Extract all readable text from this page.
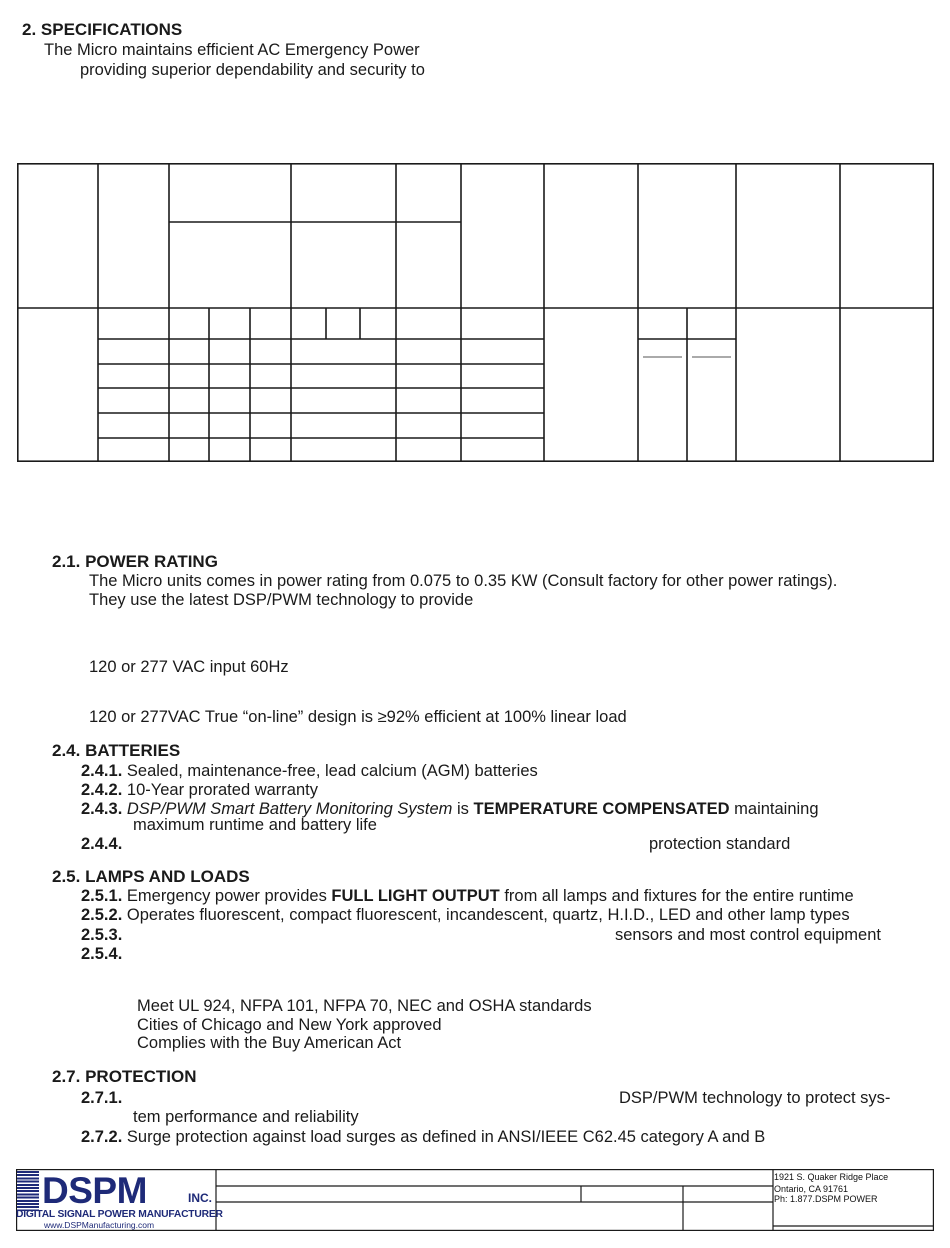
2. SPECIFICATIONS
The Micro maintains efficient AC Emergency Power
providing superior dependability and security to
2.1. POWER RATING
The Micro units comes in power rating from 0.075 to 0.35 KW (Consult factory for other power ratings).
They use the latest DSP/PWM technology to provide
120 or 277 VAC input 60Hz
120 or 277VAC True “on-line” design is ≥92% efficient at 100% linear load
2.4. BATTERIES
2.4.1. Sealed, maintenance-free, lead calcium (AGM) batteries
2.4.2. 10-Year prorated warranty
2.4.3. DSP/PWM Smart Battery Monitoring System is TEMPERATURE COMPENSATED maintaining
maximum runtime and battery life
2.4.4.	protection standard
2.5. LAMPS AND LOADS
2.5.1. Emergency power provides FULL LIGHT OUTPUT from all lamps and fixtures for the entire runtime
2.5.2. Operates fluorescent, compact fluorescent, incandescent, quartz, H.I.D., LED and other lamp types
2.5.3.	sensors and most control equipment
2.5.4.
Meet UL 924, NFPA 101, NFPA 70, NEC and OSHA standards
Cities of Chicago and New York approved
Complies with the Buy American Act
2.7. PROTECTION
2.7.1.	DSP/PWM technology to protect sys-
tem performance and reliability
2.7.2. Surge protection against load surges as defined in ANSI/IEEE C62.45 category A and B
DSPM	INC.
DIGITAL SIGNAL POWER MANUFACTURER
www.DSPManufacturing.com
1921 S. Quaker Ridge Place
Ontario, CA 91761
Ph: 1.877.DSPM POWER
